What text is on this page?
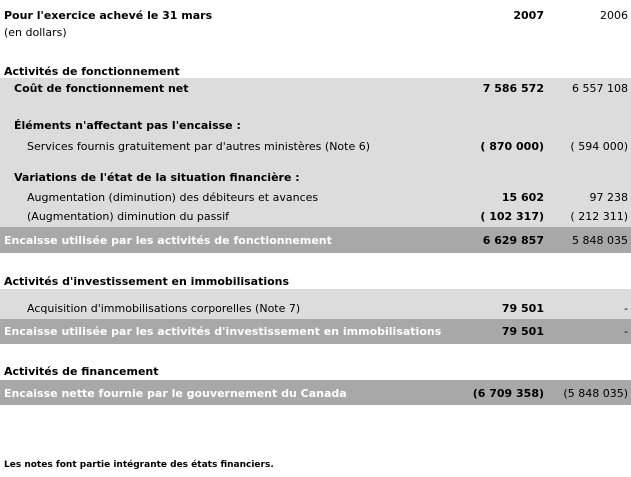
Pour l'exercice achevé le 31 mars
(en dollars)
2007	2006
Activités de fonctionnement
Coût de fonctionnement net	7 586 572	6 557 108
Éléments n'affectant pas l'encaisse :
Services fournis gratuitement par d'autres ministères (Note 6)	( 870 000) ( 594 000)
Variations de l'état de la situation financière :
Augmentation (diminution) des débiteurs et avances	15 602	97 238
(Augmentation) diminution du passif	( 102 317) ( 212 311)
Encaisse utilisée par les activités de fonctionnement	6 629 857	5 848 035
Activités d'investissement en immobilisations
Acquisition d'immobilisations corporelles (Note 7)	79 501	-
Encaisse utilisée par les activités d'investissement en immobilisations	79 501	-
Activités de financement
Encaisse nette fournie par le gouvernement du Canada	(6 709 358) (5 848 035)
Les notes font partie intégrante des états financiers.
